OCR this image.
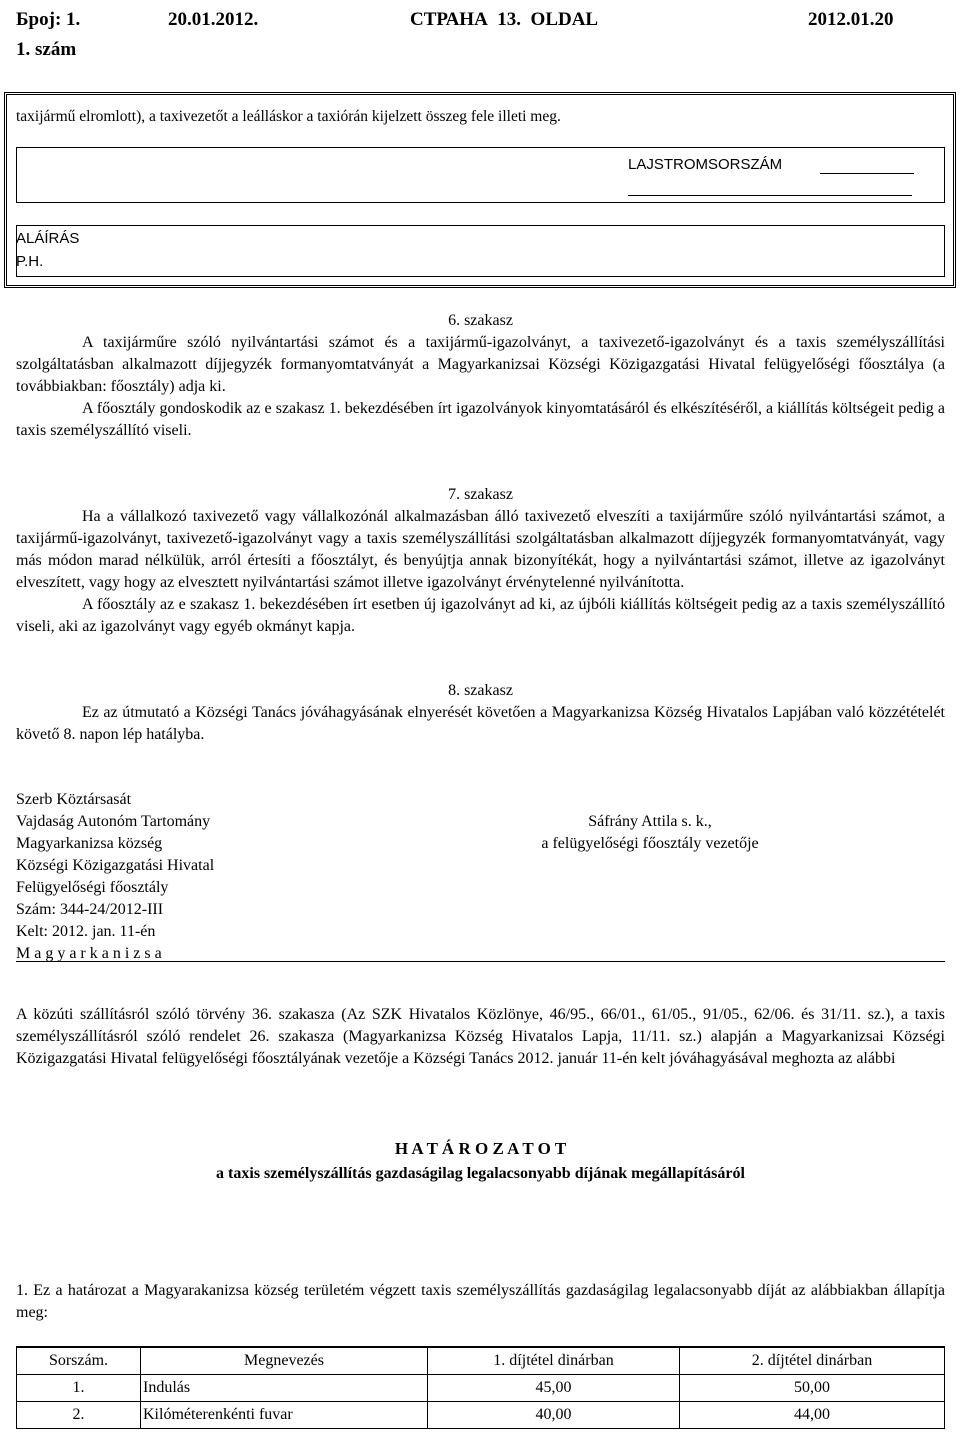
Број: 1.
1. szám
20.01.2012.	СТРАНА  13.  OLDAL	2012.01.20
taxijármű elromlott), a taxivezetőt a leálláskor a taxiórán kijelzett összeg fele illeti meg.
LAJSTROMSORSZÁM
ALÁÍRÁS
P.H.

6. szakasz

A taxijárműre szóló nyilvántartási számot és a taxijármű-igazolványt, a taxivezető-igazolványt és a taxis személyszállítási szolgáltatásban alkalmazott díjjegyzék formanyomtatványát a Magyarkanizsai Községi Közigazgatási Hivatal felügyelőségi főosztálya (a továbbiakban: főosztály) adja ki.

A főosztály gondoskodik az e szakasz 1. bekezdésében írt igazolványok kinyomtatásáról és elkészítéséről, a kiállítás költségeit pedig a taxis személyszállító viseli.

7. szakasz

Ha a vállalkozó taxivezető vagy vállalkozónál alkalmazásban álló taxivezető elveszíti a taxijárműre szóló nyilvántartási számot, a taxijármű-igazolványt, taxivezető-igazolványt vagy a taxis személyszállítási szolgáltatásban alkalmazott díjjegyzék formanyomtatványát, vagy más módon marad nélkülük, arról értesíti a főosztályt, és benyújtja annak bizonyítékát, hogy a nyilvántartási számot, illetve az igazolványt elveszített, vagy hogy az elvesztett nyilvántartási számot illetve igazolványt érvénytelenné nyilvánította.

A főosztály az e szakasz 1. bekezdésében írt esetben új igazolványt ad ki, az újbóli kiállítás költségeit pedig az a taxis személyszállító viseli, aki az igazolványt vagy egyéb okmányt kapja.

8. szakasz

Ez az útmutató a Községi Tanács jóváhagyásának elnyerését követően a Magyarkanizsa Község Hivatalos Lapjában való közzétételét követő 8. napon lép hatályba.

Szerb Köztársasát
Vajdaság Autonóm Tartomány
Magyarkanizsa község
Községi Közigazgatási Hivatal
Felügyelőségi főosztály
Szám: 344-24/2012-III
Kelt: 2012. jan. 11-én
M a g y a r k a n i z s a
Sáfrány Attila s. k.,
a felügyelőségi főosztály vezetője
A közúti szállításról szóló törvény 36. szakasza (Az SZK Hivatalos Közlönye, 46/95., 66/01., 61/05., 91/05., 62/06. és 31/11. sz.), a taxis személyszállításról szóló rendelet 26. szakasza (Magyarkanizsa Község Hivatalos Lapja, 11/11. sz.) alapján a Magyarkanizsai Községi Közigazgatási Hivatal felügyelőségi főosztályának vezetője a Községi Tanács 2012. január 11-én kelt jóváhagyásával meghozta az alábbi
H A T Á R O Z A T O T
a taxis személyszállítás gazdaságilag legalacsonyabb díjának megállapításáról
1. Ez a határozat a Magyarakanizsa község területém végzett taxis személyszállítás gazdaságilag legalacsonyabb díját az alábbiakban állapítja meg:
Sorszám.	Megnevezés	1. díjtétel dinárban	2. díjtétel dinárban
1.	Indulás	45,00	50,00
2.	Kilóméterenkénti fuvar	40,00	44,00
